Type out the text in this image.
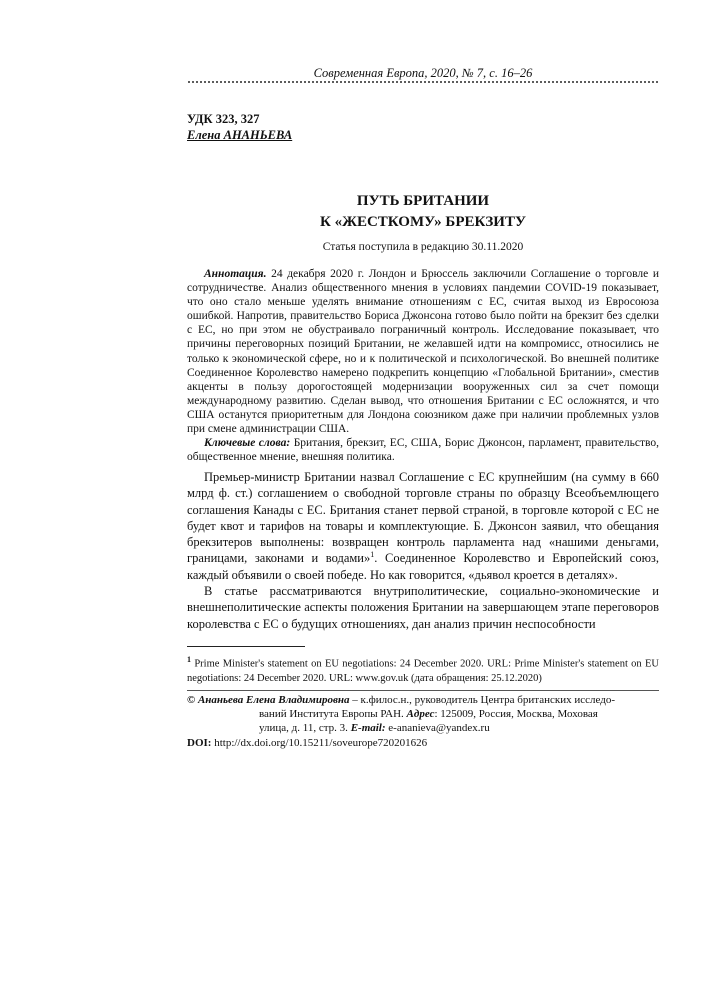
Современная Европа, 2020, № 7, с. 16–26
УДК 323, 327
Елена АНАНЬЕВА
ПУТЬ БРИТАНИИ
К «ЖЕСТКОМУ» БРЕКЗИТУ
Статья поступила в редакцию 30.11.2020

Аннотация. 24 декабря 2020 г. Лондон и Брюссель заключили Соглашение о торговле и сотрудничестве. Анализ общественного мнения в условиях пандемии COVID-19 показывает, что оно стало меньше уделять внимание отношениям с ЕС, считая выход из Евросоюза ошибкой. Напротив, правительство Бориса Джонсона готово было пойти на брекзит без сделки с ЕС, но при этом не обустраивало пограничный контроль. Исследование показывает, что причины переговорных позиций Британии, не желавшей идти на компромисс, относились не только к экономической сфере, но и к политической и психологической. Во внешней политике Соединенное Королевство намерено подкрепить концепцию «Глобальной Британии», сместив акценты в пользу дорогостоящей модернизации вооруженных сил за счет помощи международному развитию. Сделан вывод, что отношения Британии с ЕС осложнятся, и что США останутся приоритетным для Лондона союзником даже при наличии проблемных узлов при смене администрации США.

Ключевые слова: Британия, брекзит, ЕС, США, Борис Джонсон, парламент, правительство, общественное мнение, внешняя политика.

Премьер-министр Британии назвал Соглашение с ЕС крупнейшим (на сумму в 660 млрд ф. ст.) соглашением о свободной торговле страны по образцу Всеобъемлющего соглашения Канады с ЕС. Британия станет первой страной, в торговле которой с ЕС не будет квот и тарифов на товары и комплектующие. Б. Джонсон заявил, что обещания брекзитеров выполнены: возвращен контроль парламента над «нашими деньгами, границами, законами и водами»$^1$. Соединенное Королевство и Европейский союз, каждый объявили о своей победе. Но как говорится, «дьявол кроется в деталях».

В статье рассматриваются внутриполитические, социально-экономические и внешнеполитические аспекты положения Британии на завершающем этапе переговоров королевства с ЕС о будущих отношениях, дан анализ причин неспособности

$^1$ Prime Minister's statement on EU negotiations: 24 December 2020. URL: Prime Minister's statement on EU negotiations: 24 December 2020. URL: www.gov.uk (дата обращения: 25.12.2020)
© Ананьева Елена Владимировна – к.филос.н., руководитель Центра британских исследо-
ваний Института Европы РАН. Адрес: 125009, Россия, Москва, Моховая
улица, д. 11, стр. 3. E-mail: e-ananieva@yandex.ru
DOI: http://dx.doi.org/10.15211/soveurope720201626
